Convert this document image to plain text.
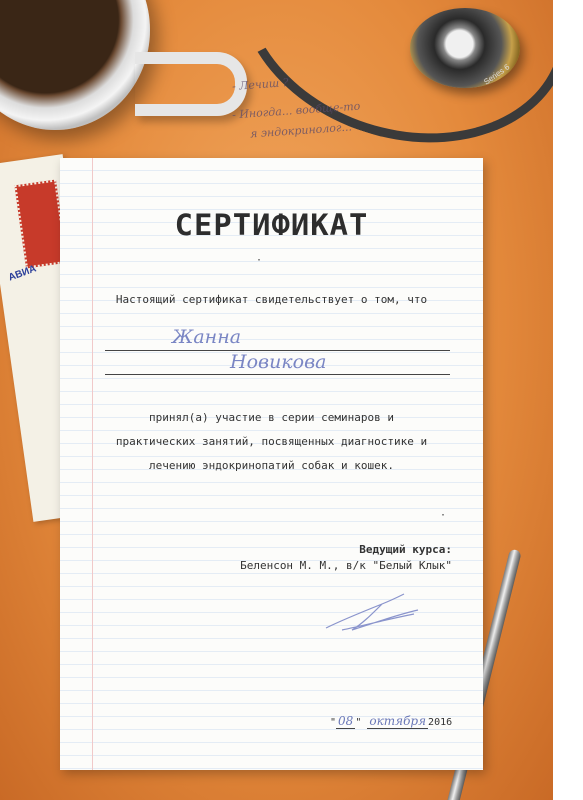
Series 6
- Лечиш ?
- Иногда... вообще-то
я эндокринолог...
АВИА
СЕРТИФИКАТ
·
Настоящий сертификат свидетельствует о том, что
Жанна
Новикова
принял(а) участие в серии семинаров и
практических занятий, посвященных диагностике и
лечению эндокринопатий собак и кошек.
·
Ведущий курса:
Беленсон М. М., в/к "Белый Клык"
" 08 " октября 2016
